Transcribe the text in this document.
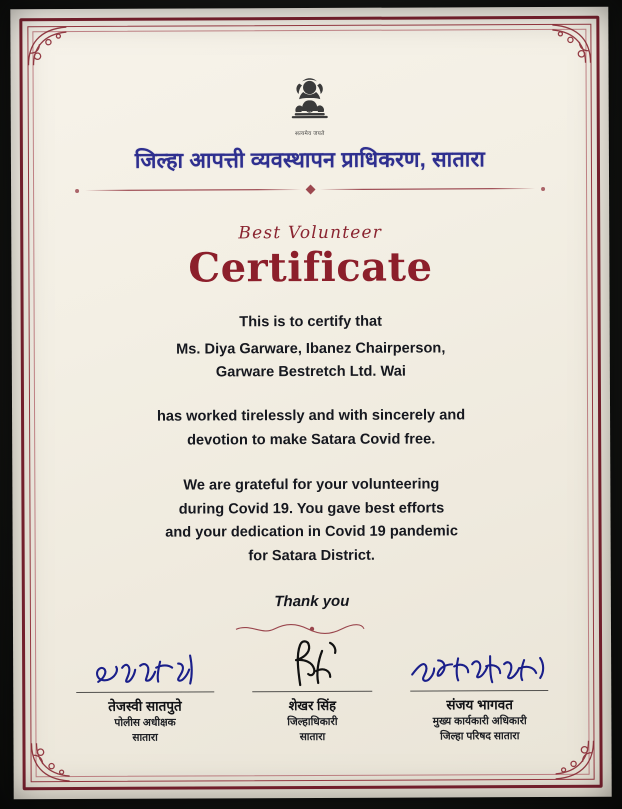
सत्यमेव जयते
जिल्हा आपत्ती व्यवस्थापन प्राधिकरण, सातारा
Best Volunteer
Certificate
This is to certify that
Ms. Diya Garware, Ibanez Chairperson,
Garware Bestretch Ltd. Wai
has worked tirelessly and with sincerely and
devotion to make Satara Covid free.
We are grateful for your volunteering
during Covid 19. You gave best efforts
and your dedication in Covid 19 pandemic
for Satara District.
Thank you
तेजस्वी सातपुते
पोलीस अधीक्षक
सातारा
शेखर सिंह
जिल्हाधिकारी
सातारा
संजय भागवत
मुख्य कार्यकारी अधिकारी
जिल्हा परिषद सातारा
